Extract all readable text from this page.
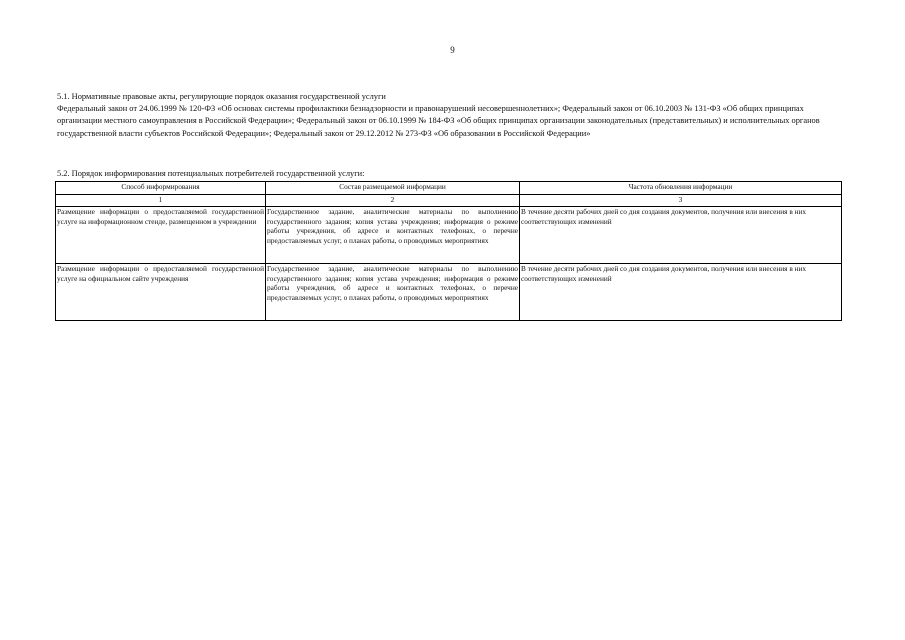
9

5.1. Нормативные правовые акты, регулирующие порядок оказания государственной услуги

Федеральный закон от 24.06.1999 № 120-ФЗ «Об основах системы профилактики безнадзорности и правонарушений несовершеннолетних»; Федеральный закон от 06.10.2003 № 131-ФЗ «Об общих принципах организации местного самоуправления в Российской Федерации»; Федеральный закон от 06.10.1999 № 184-ФЗ «Об общих принципах организации законодательных (представительных) и исполнительных органов государственной власти субъектов Российской Федерации»; Федеральный закон от 29.12.2012 № 273-ФЗ «Об образовании в Российской Федерации»

5.2. Порядок информирования потенциальных потребителей государственной услуги:
Способ информирования	Состав размещаемой информации	Частота обновления информации
1	2	3
Размещение информации о предоставляемой государственной услуге на информационном стенде, размещенном в учреждении	Государственное задание, аналитические материалы по выполнению государственного задания; копия устава учреждения; информация о режиме работы учреждения, об адресе и контактных телефонах, о перечне предоставляемых услуг, о планах работы, о проводимых мероприятиях	В течение десяти рабочих дней со дня создания документов, получения или внесения в них соответствующих изменений
Размещение информации о предоставляемой государственной услуге на официальном сайте учреждения	Государственное задание, аналитические материалы по выполнению государственного задания; копия устава учреждения; информация о режиме работы учреждения, об адресе и контактных телефонах, о перечне предоставляемых услуг, о планах работы, о проводимых мероприятиях	В течение десяти рабочих дней со дня создания документов, получения или внесения в них соответствующих изменений
